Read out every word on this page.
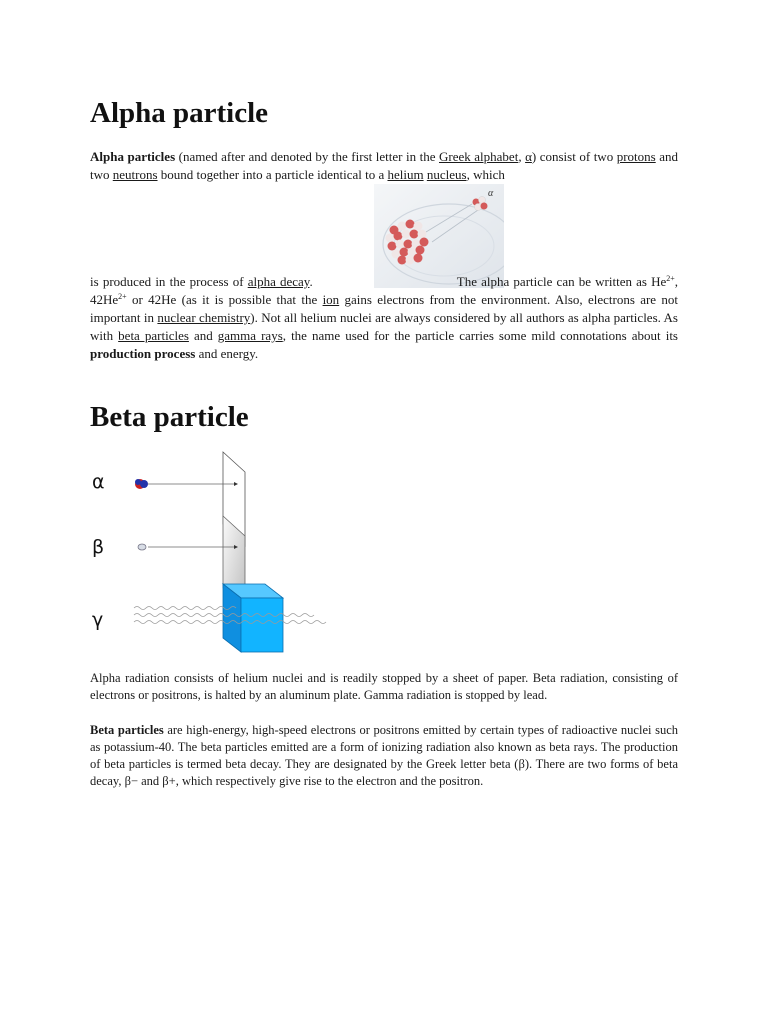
Alpha particle

Alpha particles (named after and denoted by the first letter in the Greek alphabet, α) consist of two protons and two neutrons bound together into a particle identical to a helium nucleus, which

α

is produced in the process of alpha decay.	The alpha particle can be written as $He^{2+}$, $42He^{2+}$ or 42He (as it is possible that the ion gains electrons from the environment. Also, electrons are not important in nuclear chemistry). Not all helium nuclei are always considered by all authors as alpha particles. As with beta particles and gamma rays, the name used for the particle carries some mild connotations about its production process and energy.

Beta particle
α
β
γ

Alpha radiation consists of helium nuclei and is readily stopped by a sheet of paper. Beta radiation, consisting of electrons or positrons, is halted by an aluminum plate. Gamma radiation is stopped by lead.

Beta particles are high-energy, high-speed electrons or positrons emitted by certain types of radioactive nuclei such as potassium-40. The beta particles emitted are a form of ionizing radiation also known as beta rays. The production of beta particles is termed beta decay. They are designated by the Greek letter beta (β). There are two forms of beta decay, β− and β+, which respectively give rise to the electron and the positron.
